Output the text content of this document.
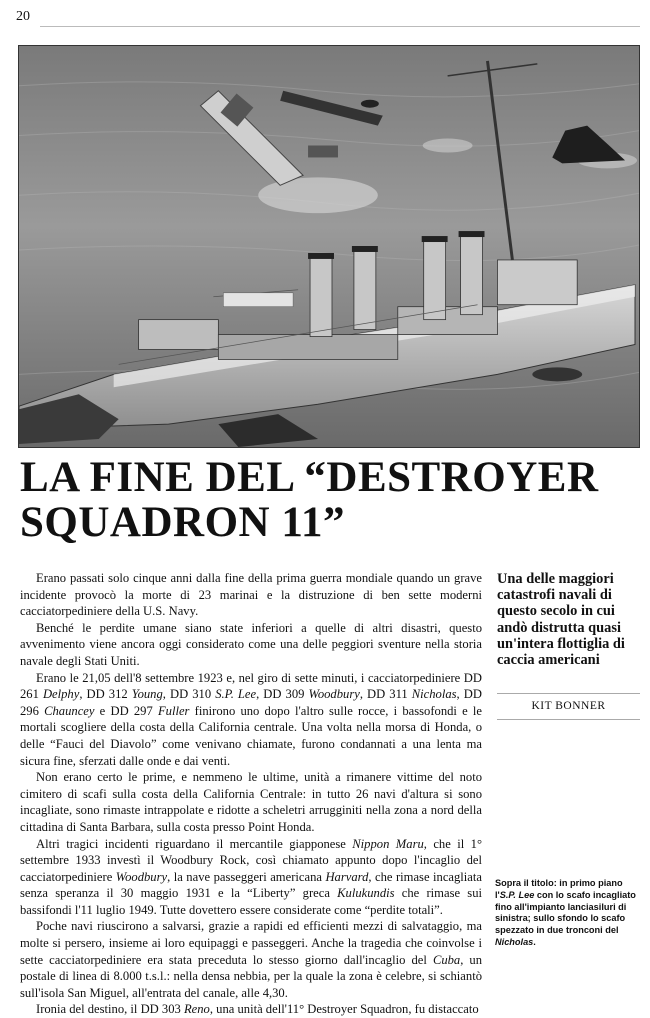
20
LA FINE DEL “DESTROYER
SQUADRON 11”

Erano passati solo cinque anni dalla fine della prima guerra mondiale quando un grave incidente provocò la morte di 23 marinai e la distruzione di ben sette moderni cacciatorpediniere della U.S. Navy.

Benché le perdite umane siano state inferiori a quelle di altri disastri, questo avvenimento viene ancora oggi considerato come una delle peggiori sventure nella storia navale degli Stati Uniti.

Erano le 21,05 dell'8 settembre 1923 e, nel giro di sette minuti, i cacciatorpediniere DD 261 Delphy, DD 312 Young, DD 310 S.P. Lee, DD 309 Woodbury, DD 311 Nicholas, DD 296 Chauncey e DD 297 Fuller finirono uno dopo l'altro sulle rocce, i bassofondi e le mortali scogliere della costa della California centrale. Una volta nella morsa di Honda, o delle “Fauci del Diavolo” come venivano chiamate, furono condannati a una lenta ma sicura fine, sferzati dalle onde e dai venti.

Non erano certo le prime, e nemmeno le ultime, unità a rimanere vittime del noto cimitero di scafi sulla costa della California Centrale: in tutto 26 navi d'altura si sono incagliate, sono rimaste intrappolate e ridotte a scheletri arrugginiti nella zona a nord della cittadina di Santa Barbara, sulla costa presso Point Honda.

Altri tragici incidenti riguardano il mercantile giapponese Nippon Maru, che il 1° settembre 1933 investì il Woodbury Rock, così chiamato appunto dopo l'incaglio del cacciatorpediniere Woodbury, la nave passeggeri americana Harvard, che rimase incagliata senza speranza il 30 maggio 1931 e la “Liberty” greca Kulukundis che rimase sui bassifondi l'11 luglio 1949. Tutte dovettero essere considerate come “perdite totali”.

Poche navi riuscirono a salvarsi, grazie a rapidi ed efficienti mezzi di salvataggio, ma molte si persero, insieme ai loro equipaggi e passeggeri. Anche la tragedia che coinvolse i sette cacciatorpediniere era stata preceduta lo stesso giorno dall'incaglio del Cuba, un postale di linea di 8.000 t.s.l.: nella densa nebbia, per la quale la zona è celebre, si schiantò sull'isola San Miguel, all'entrata del canale, alle 4,30.

Ironia del destino, il DD 303 Reno, una unità dell'11° Destroyer Squadron, fu distaccato

Una delle maggiori catastrofi navali di questo secolo in cui andò distrutta quasi un'intera flottiglia di caccia americani
KIT BONNER
Sopra il titolo: in primo piano l'S.P. Lee con lo scafo incagliato fino all'impianto lanciasiluri di sinistra; sullo sfondo lo scafo spezzato in due tronconi del Nicholas.
